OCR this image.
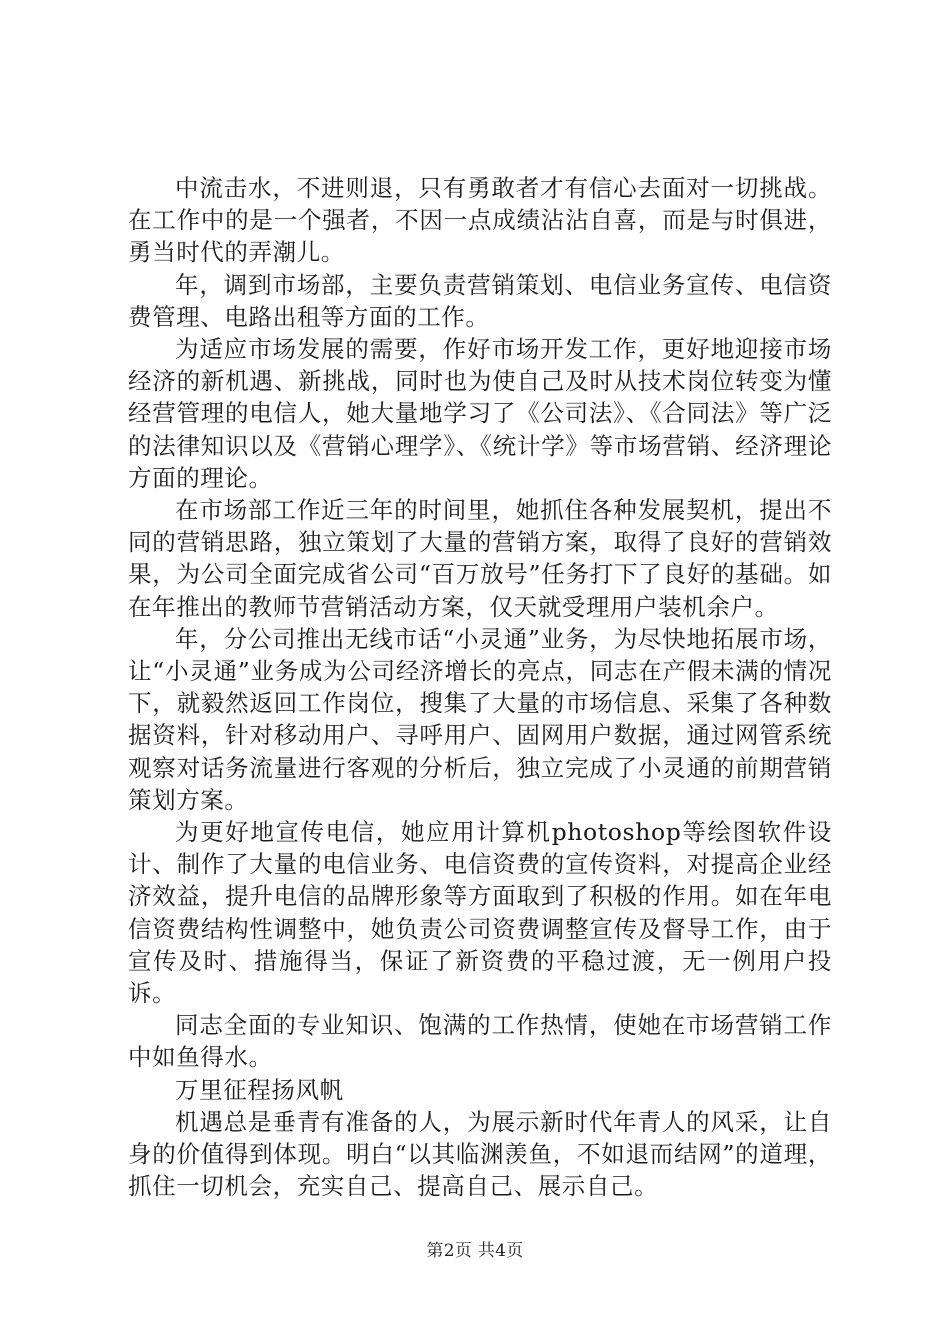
中流击水，不进则退，只有勇敢者才有信心去面对一切挑战。在工作中的是一个强者，不因一点成绩沾沾自喜，而是与时俱进，勇当时代的弄潮儿。

年，调到市场部，主要负责营销策划、电信业务宣传、电信资费管理、电路出租等方面的工作。

为适应市场发展的需要，作好市场开发工作，更好地迎接市场经济的新机遇、新挑战，同时也为使自己及时从技术岗位转变为懂经营管理的电信人，她大量地学习了《公司法》、《合同法》等广泛的法律知识以及《营销心理学》、《统计学》等市场营销、经济理论方面的理论。

在市场部工作近三年的时间里，她抓住各种发展契机，提出不同的营销思路，独立策划了大量的营销方案，取得了良好的营销效果，为公司全面完成省公司“百万放号”任务打下了良好的基础。如在年推出的教师节营销活动方案，仅天就受理用户装机余户。

年，分公司推出无线市话“小灵通”业务，为尽快地拓展市场，让“小灵通”业务成为公司经济增长的亮点，同志在产假未满的情况下，就毅然返回工作岗位，搜集了大量的市场信息、采集了各种数据资料，针对移动用户、寻呼用户、固网用户数据，通过网管系统观察对话务流量进行客观的分析后，独立完成了小灵通的前期营销策划方案。

为更好地宣传电信，她应用计算机photoshop等绘图软件设计、制作了大量的电信业务、电信资费的宣传资料，对提高企业经济效益，提升电信的品牌形象等方面取到了积极的作用。如在年电信资费结构性调整中，她负责公司资费调整宣传及督导工作，由于宣传及时、措施得当，保证了新资费的平稳过渡，无一例用户投诉。

同志全面的专业知识、饱满的工作热情，使她在市场营销工作中如鱼得水。

万里征程扬风帆

机遇总是垂青有准备的人，为展示新时代年青人的风采，让自身的价值得到体现。明白“以其临渊羡鱼，不如退而结网”的道理，抓住一切机会，充实自己、提高自己、展示自己。

第2页 共4页
